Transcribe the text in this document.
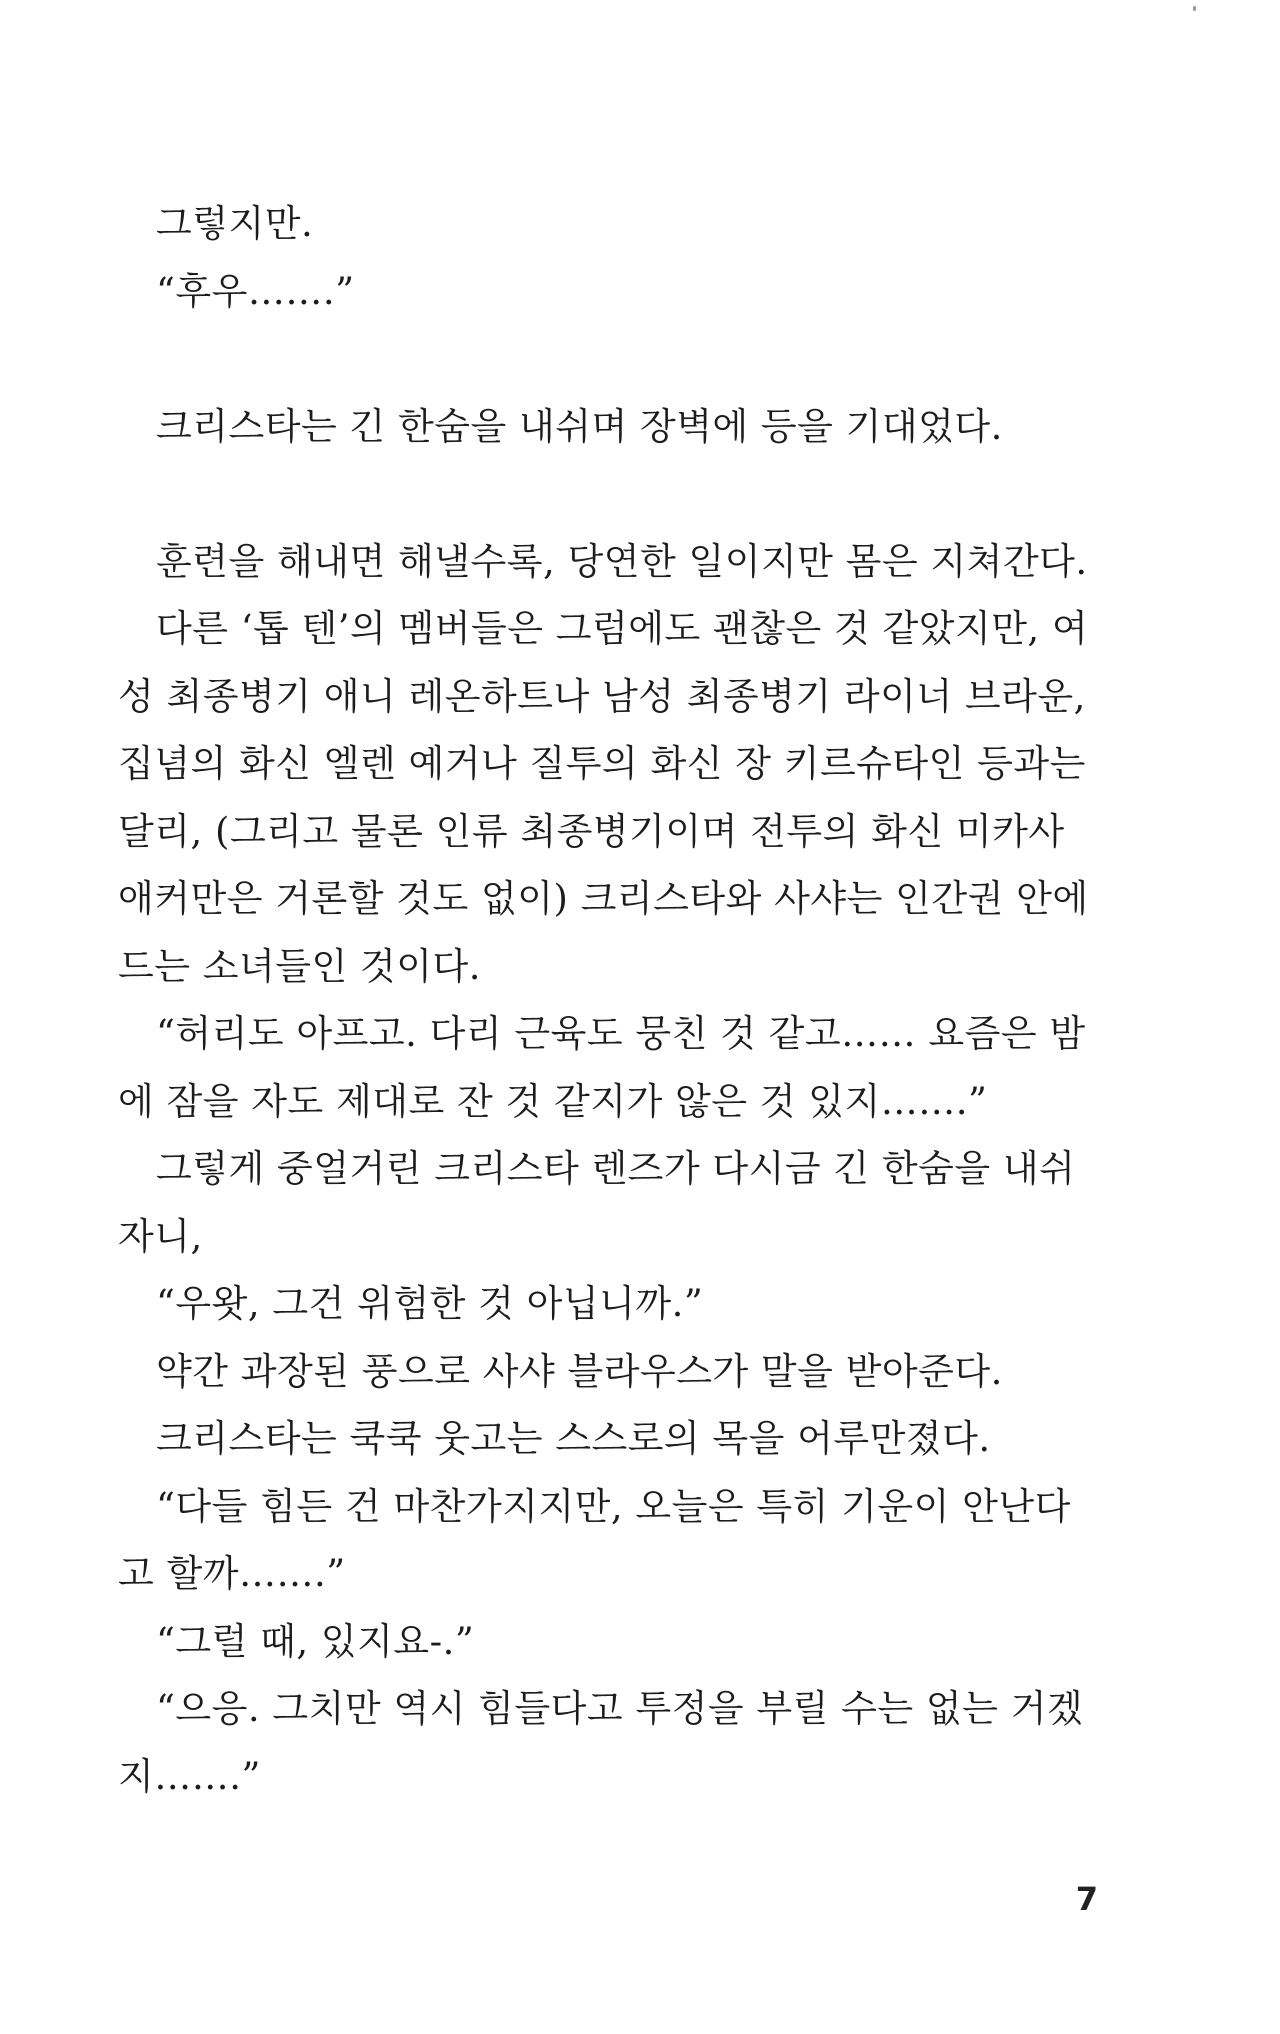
그렇지만.
“후우…….”
크리스타는 긴 한숨을 내쉬며 장벽에 등을 기대었다.
훈련을 해내면 해낼수록, 당연한 일이지만 몸은 지쳐간다.
다른 ‘톱 텐’의 멤버들은 그럼에도 괜찮은 것 같았지만, 여
성 최종병기 애니 레온하트나 남성 최종병기 라이너 브라운,
집념의 화신 엘렌 예거나 질투의 화신 장 키르슈타인 등과는
달리, (그리고 물론 인류 최종병기이며 전투의 화신 미카사
애커만은 거론할 것도 없이) 크리스타와 사샤는 인간권 안에
드는 소녀들인 것이다.
“허리도 아프고. 다리 근육도 뭉친 것 같고…… 요즘은 밤
에 잠을 자도 제대로 잔 것 같지가 않은 것 있지…….”
그렇게 중얼거린 크리스타 렌즈가 다시금 긴 한숨을 내쉬
자니,
“우왓, 그건 위험한 것 아닙니까.”
약간 과장된 풍으로 사샤 블라우스가 말을 받아준다.
크리스타는 쿡쿡 웃고는 스스로의 목을 어루만졌다.
“다들 힘든 건 마찬가지지만, 오늘은 특히 기운이 안난다
고 할까…….”
“그럴 때, 있지요-.”
“으응. 그치만 역시 힘들다고 투정을 부릴 수는 없는 거겠
지…….”
7
